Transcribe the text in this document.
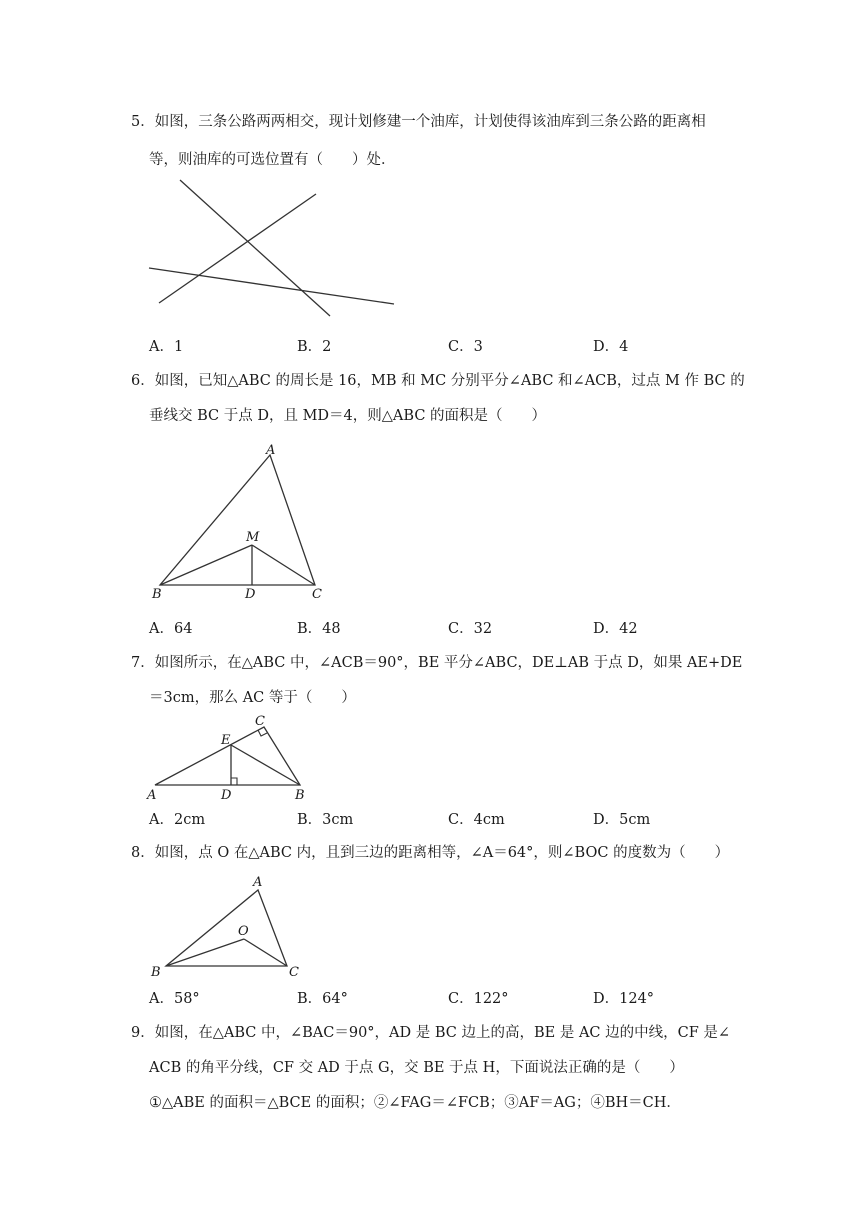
5．如图，三条公路两两相交，现计划修建一个油库，计划使得该油库到三条公路的距离相
等，则油库的可选位置有（　　）处．
A．1	B．2	C．3	D．4
6．如图，已知△ABC 的周长是 16，MB 和 MC 分别平分∠ABC 和∠ACB，过点 M 作 BC 的
垂线交 BC 于点 D，且 MD＝4，则△ABC 的面积是（　　）
A
M
B	D	C
A．64	B．48	C．32	D．42
7．如图所示，在△ABC 中，∠ACB＝90°，BE 平分∠ABC，DE⊥AB 于点 D，如果 AE+DE
＝3cm，那么 AC 等于（　　）
C
E
A	D	B
A．2cm	B．3cm	C．4cm	D．5cm
8．如图，点 O 在△ABC 内，且到三边的距离相等，∠A＝64°，则∠BOC 的度数为（　　）
A
O
B	C
A．58°	B．64°	C．122°	D．124°
9．如图，在△ABC 中，∠BAC＝90°，AD 是 BC 边上的高，BE 是 AC 边的中线，CF 是∠
ACB 的角平分线，CF 交 AD 于点 G，交 BE 于点 H，下面说法正确的是（　　）
①△ABE 的面积＝△BCE 的面积；②∠FAG＝∠FCB；③AF＝AG；④BH＝CH．
